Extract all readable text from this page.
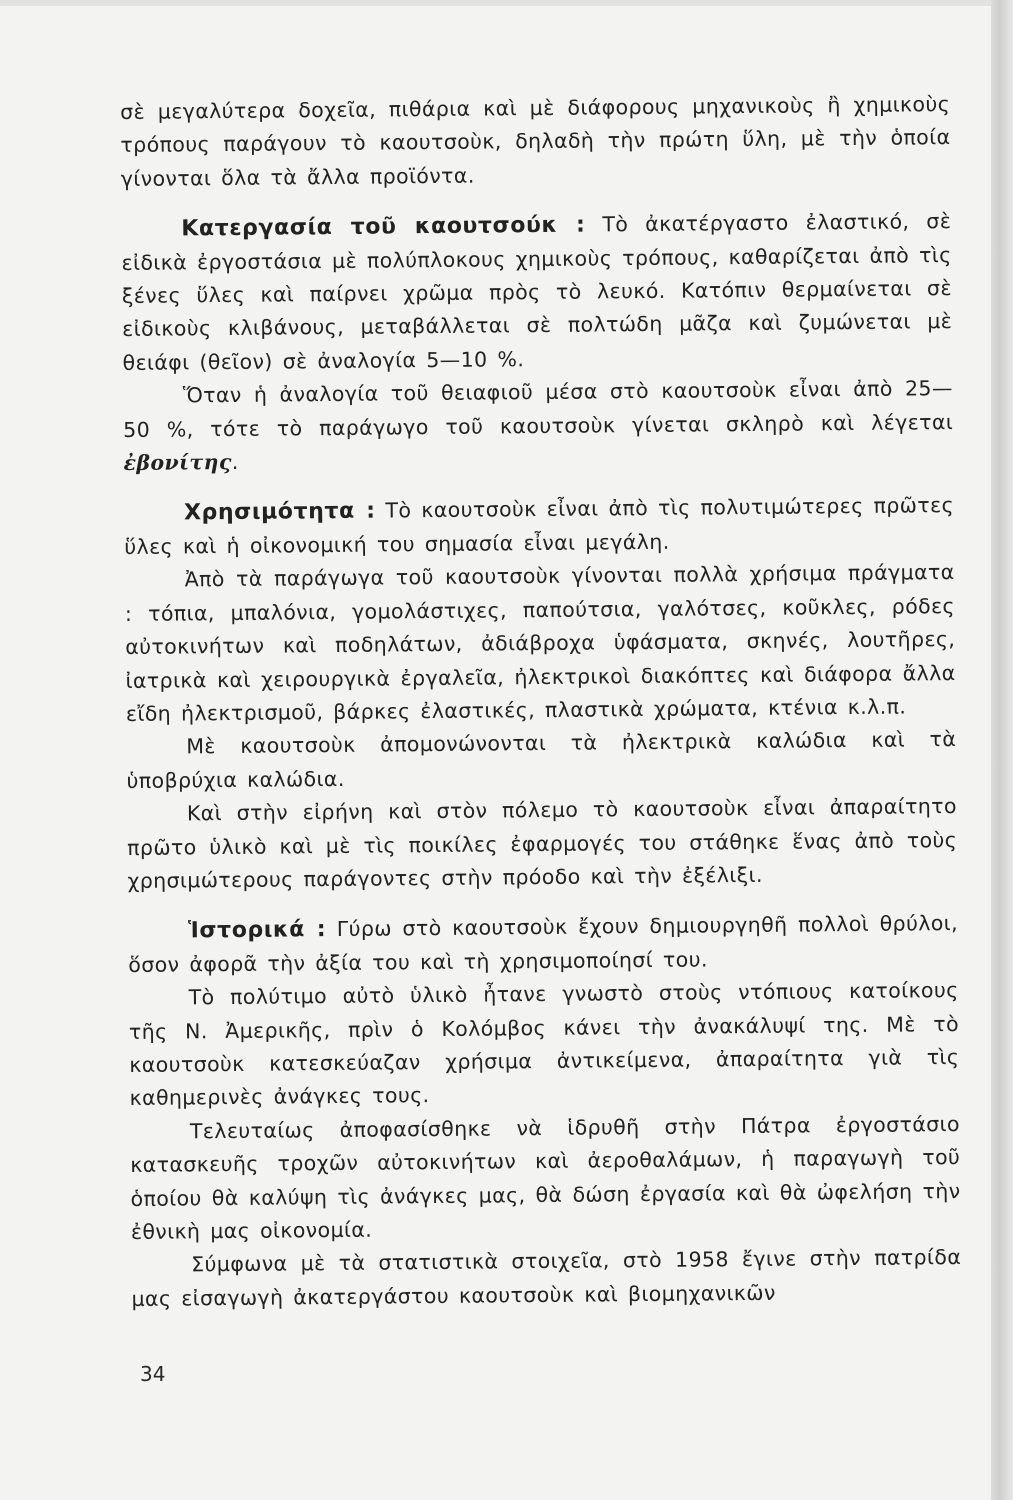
σὲ μεγαλύτερα δοχεῖα, πιθάρια καὶ μὲ διάφορους μηχανικοὺς ἢ χημικοὺς τρόπους παράγουν τὸ καουτσοὺκ, δηλαδὴ τὴν πρώτη ὕλη, μὲ τὴν ὁποία γίνονται ὅλα τὰ ἄλλα προϊόντα.

Κατεργασία τοῦ καουτσούκ : Τὸ ἀκατέργαστο ἐλαστικό, σὲ εἰδικὰ ἐργοστάσια μὲ πολύπλοκους χημικοὺς τρόπους, καθαρίζεται ἀπὸ τὶς ξένες ὕλες καὶ παίρνει χρῶμα πρὸς τὸ λευκό. Κατόπιν θερμαίνεται σὲ εἰδικοὺς κλιβάνους, μεταβάλλεται σὲ πολτώδη μᾶζα καὶ ζυμώνεται μὲ θειάφι (θεῖον) σὲ ἀναλογία 5—10 %.

Ὅταν ἡ ἀναλογία τοῦ θειαφιοῦ μέσα στὸ καουτσοὺκ εἶναι ἀπὸ 25—50 %, τότε τὸ παράγωγο τοῦ καουτσοὺκ γίνεται σκληρὸ καὶ λέγεται ἐβονίτης.

Χρησιμότητα : Τὸ καουτσοὺκ εἶναι ἀπὸ τὶς πολυτιμώτερες πρῶτες ὕλες καὶ ἡ οἰκονομική του σημασία εἶναι μεγάλη.

Ἀπὸ τὰ παράγωγα τοῦ καουτσοὺκ γίνονται πολλὰ χρήσιμα πράγματα : τόπια, μπαλόνια, γομολάστιχες, παπούτσια, γαλότσες, κοῦκλες, ρόδες αὐτοκινήτων καὶ ποδηλάτων, ἀδιάβροχα ὑφάσματα, σκηνές, λουτῆρες, ἰατρικὰ καὶ χειρουργικὰ ἐργαλεῖα, ἠλεκτρικοὶ διακόπτες καὶ διάφορα ἄλλα εἴδη ἠλεκτρισμοῦ, βάρκες ἐλαστικές, πλαστικὰ χρώματα, κτένια κ.λ.π.

Μὲ καουτσοὺκ ἀπομονώνονται τὰ ἠλεκτρικὰ καλώδια καὶ τὰ ὑποβρύχια καλώδια.

Καὶ στὴν εἰρήνη καὶ στὸν πόλεμο τὸ καουτσοὺκ εἶναι ἀπαραίτητο πρῶτο ὑλικὸ καὶ μὲ τὶς ποικίλες ἐφαρμογές του στάθηκε ἕνας ἀπὸ τοὺς χρησιμώτερους παράγοντες στὴν πρόοδο καὶ τὴν ἐξέλιξι.

Ἱστορικά : Γύρω στὸ καουτσοὺκ ἔχουν δημιουργηθῆ πολλοὶ θρύλοι, ὅσον ἀφορᾶ τὴν ἀξία του καὶ τὴ χρησιμοποίησί του.

Τὸ πολύτιμο αὐτὸ ὑλικὸ ἦτανε γνωστὸ στοὺς ντόπιους κατοίκους τῆς Ν. Ἀμερικῆς, πρὶν ὁ Κολόμβος κάνει τὴν ἀνακάλυψί της. Μὲ τὸ καουτσοὺκ κατεσκεύαζαν χρήσιμα ἀντικείμενα, ἀπαραίτητα γιὰ τὶς καθημερινὲς ἀνάγκες τους.

Τελευταίως ἀποφασίσθηκε νὰ ἱδρυθῆ στὴν Πάτρα ἐργοστάσιο κατασκευῆς τροχῶν αὐτοκινήτων καὶ ἀεροθαλάμων, ἡ παραγωγὴ τοῦ ὁποίου θὰ καλύψη τὶς ἀνάγκες μας, θὰ δώση ἐργασία καὶ θὰ ὠφελήση τὴν ἐθνικὴ μας οἰκονομία.

Σύμφωνα μὲ τὰ στατιστικὰ στοιχεῖα, στὸ 1958 ἔγινε στὴν πατρίδα μας εἰσαγωγὴ ἀκατεργάστου καουτσοὺκ καὶ βιομηχανικῶν

34
